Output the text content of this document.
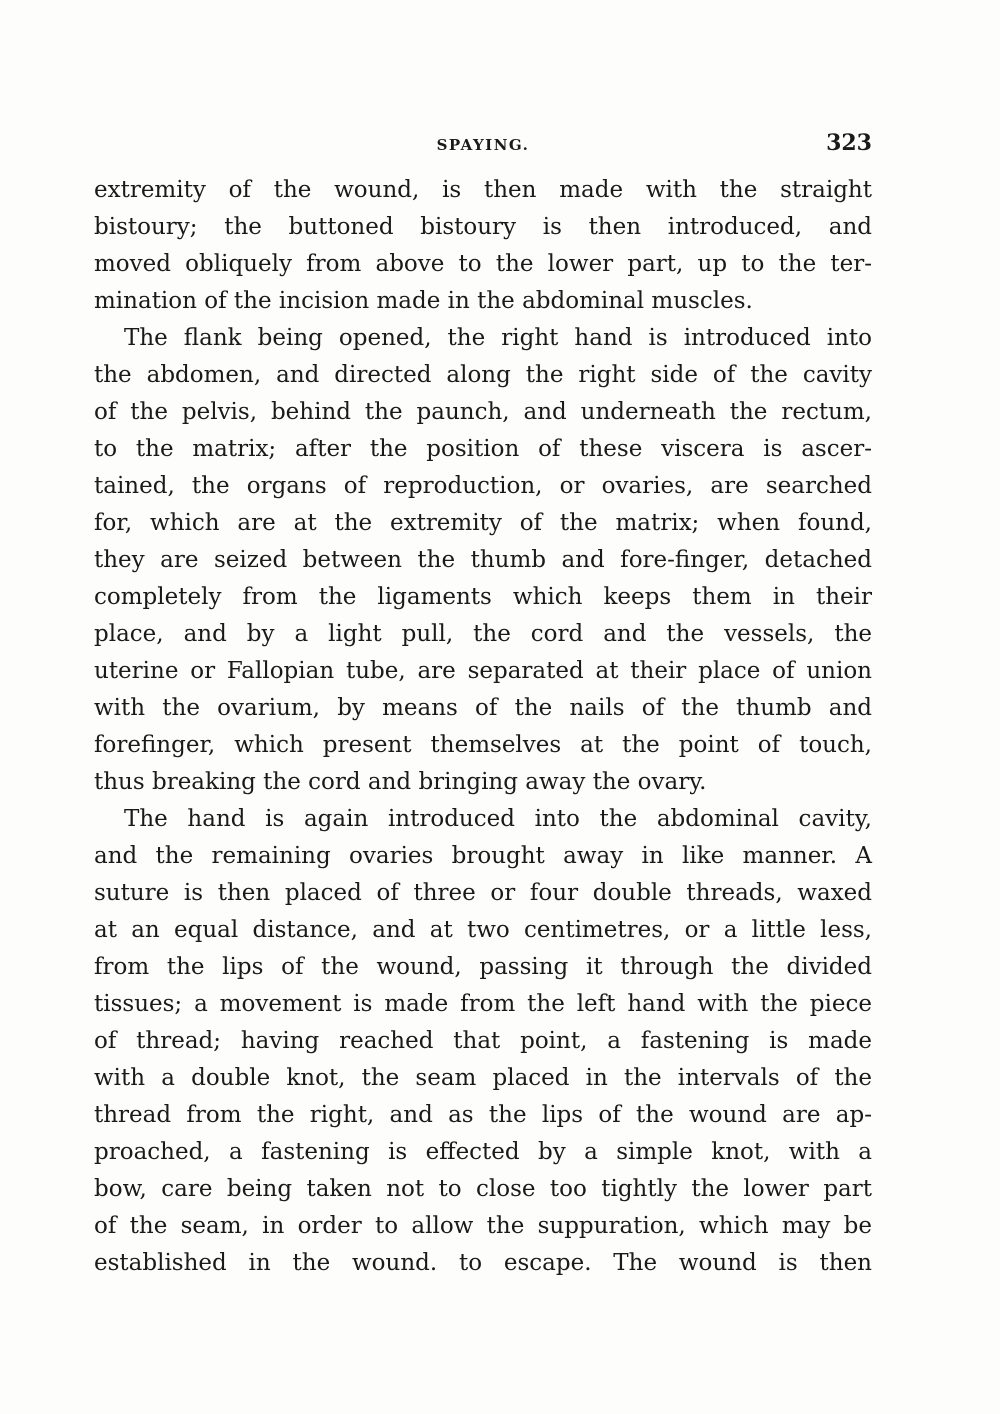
SPAYING.	323
extremity of the wound, is then made with the straight
bistoury; the buttoned bistoury is then introduced, and
moved obliquely from above to the lower part, up to the ter-
mination of the incision made in the abdominal muscles.
The flank being opened, the right hand is introduced into
the abdomen, and directed along the right side of the cavity
of the pelvis, behind the paunch, and underneath the rectum,
to the matrix; after the position of these viscera is ascer-
tained, the organs of reproduction, or ovaries, are searched
for, which are at the extremity of the matrix; when found,
they are seized between the thumb and fore-finger, detached
completely from the ligaments which keeps them in their
place, and by a light pull, the cord and the vessels, the
uterine or Fallopian tube, are separated at their place of union
with the ovarium, by means of the nails of the thumb and
forefinger, which present themselves at the point of touch,
thus breaking the cord and bringing away the ovary.
The hand is again introduced into the abdominal cavity,
and the remaining ovaries brought away in like manner. A
suture is then placed of three or four double threads, waxed
at an equal distance, and at two centimetres, or a little less,
from the lips of the wound, passing it through the divided
tissues; a movement is made from the left hand with the piece
of thread; having reached that point, a fastening is made
with a double knot, the seam placed in the intervals of the
thread from the right, and as the lips of the wound are ap-
proached, a fastening is effected by a simple knot, with a
bow, care being taken not to close too tightly the lower part
of the seam, in order to allow the suppuration, which may be
established in the wound. to escape. The wound is then
